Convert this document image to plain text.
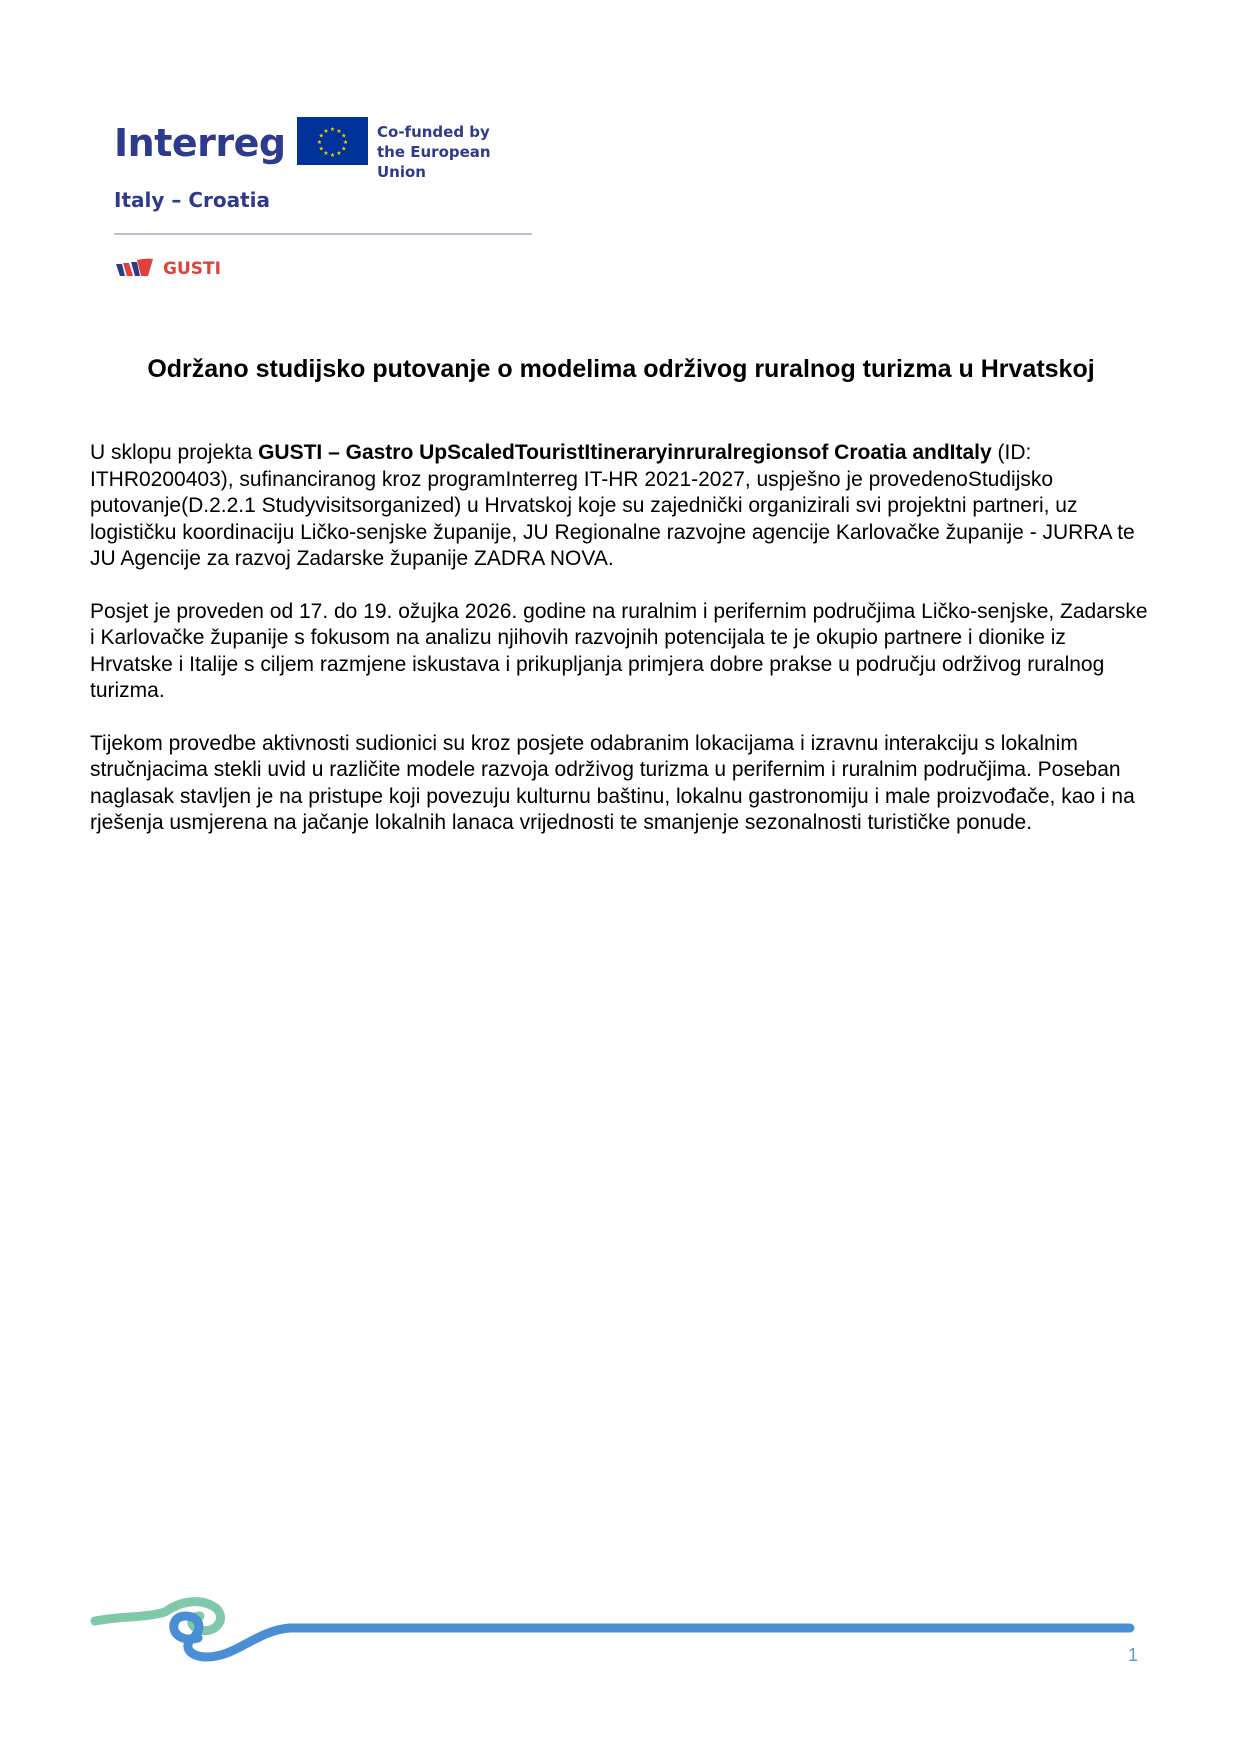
Interreg	★ ★
★
★
★
★
★
★
★
★
★
★	Co-funded by
the European Union
Italy – Croatia
GUSTI
Održano studijsko putovanje o modelima održivog ruralnog turizma u Hrvatskoj

U sklopu projekta GUSTI – Gastro UpScaledTouristItineraryinruralregionsof Croatia andItaly (ID: ITHR0200403), sufinanciranog kroz programInterreg IT-HR 2021-2027, uspješno je provedenoStudijsko putovanje(D.2.2.1 Studyvisitsorganized) u Hrvatskoj koje su zajednički organizirali svi projektni partneri, uz logističku koordinaciju Ličko-senjske županije, JU Regionalne razvojne agencije Karlovačke županije - JURRA te JU Agencije za razvoj Zadarske županije ZADRA NOVA.

Posjet je proveden od 17. do 19. ožujka 2026. godine na ruralnim i perifernim područjima Ličko-senjske, Zadarske i Karlovačke županije s fokusom na analizu njihovih razvojnih potencijala te je okupio partnere i dionike iz Hrvatske i Italije s ciljem razmjene iskustava i prikupljanja primjera dobre prakse u području održivog ruralnog turizma.

Tijekom provedbe aktivnosti sudionici su kroz posjete odabranim lokacijama i izravnu interakciju s lokalnim stručnjacima stekli uvid u različite modele razvoja održivog turizma u perifernim i ruralnim područjima. Poseban naglasak stavljen je na pristupe koji povezuju kulturnu baštinu, lokalnu gastronomiju i male proizvođače, kao i na rješenja usmjerena na jačanje lokalnih lanaca vrijednosti te smanjenje sezonalnosti turističke ponude.

1
